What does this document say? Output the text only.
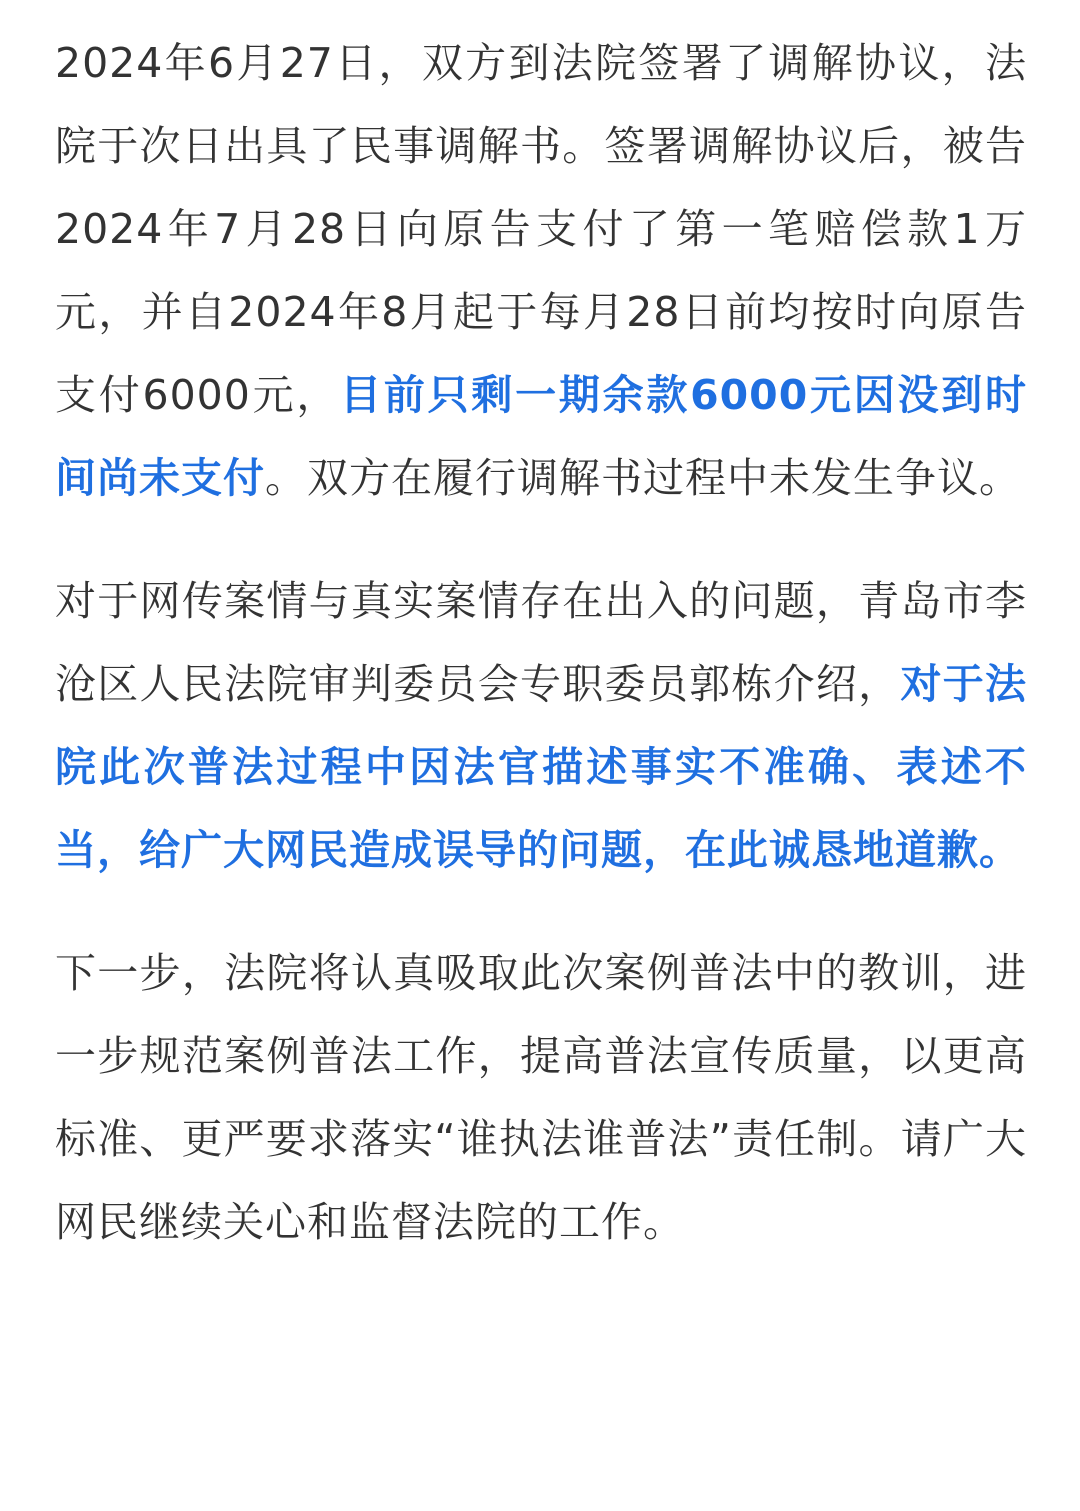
2024年6月27日，双方到法院签署了调解协议，法院于次日出具了民事调解书。签署调解协议后，被告2024年7月28日向原告支付了第一笔赔偿款1万元，并自2024年8月起于每月28日前均按时向原告支付6000元，目前只剩一期余款6000元因没到时间尚未支付。双方在履行调解书过程中未发生争议。

对于网传案情与真实案情存在出入的问题，青岛市李沧区人民法院审判委员会专职委员郭栋介绍，对于法院此次普法过程中因法官描述事实不准确、表述不当，给广大网民造成误导的问题，在此诚恳地道歉。

下一步，法院将认真吸取此次案例普法中的教训，进一步规范案例普法工作，提高普法宣传质量，以更高标准、更严要求落实“谁执法谁普法”责任制。请广大网民继续关心和监督法院的工作。
